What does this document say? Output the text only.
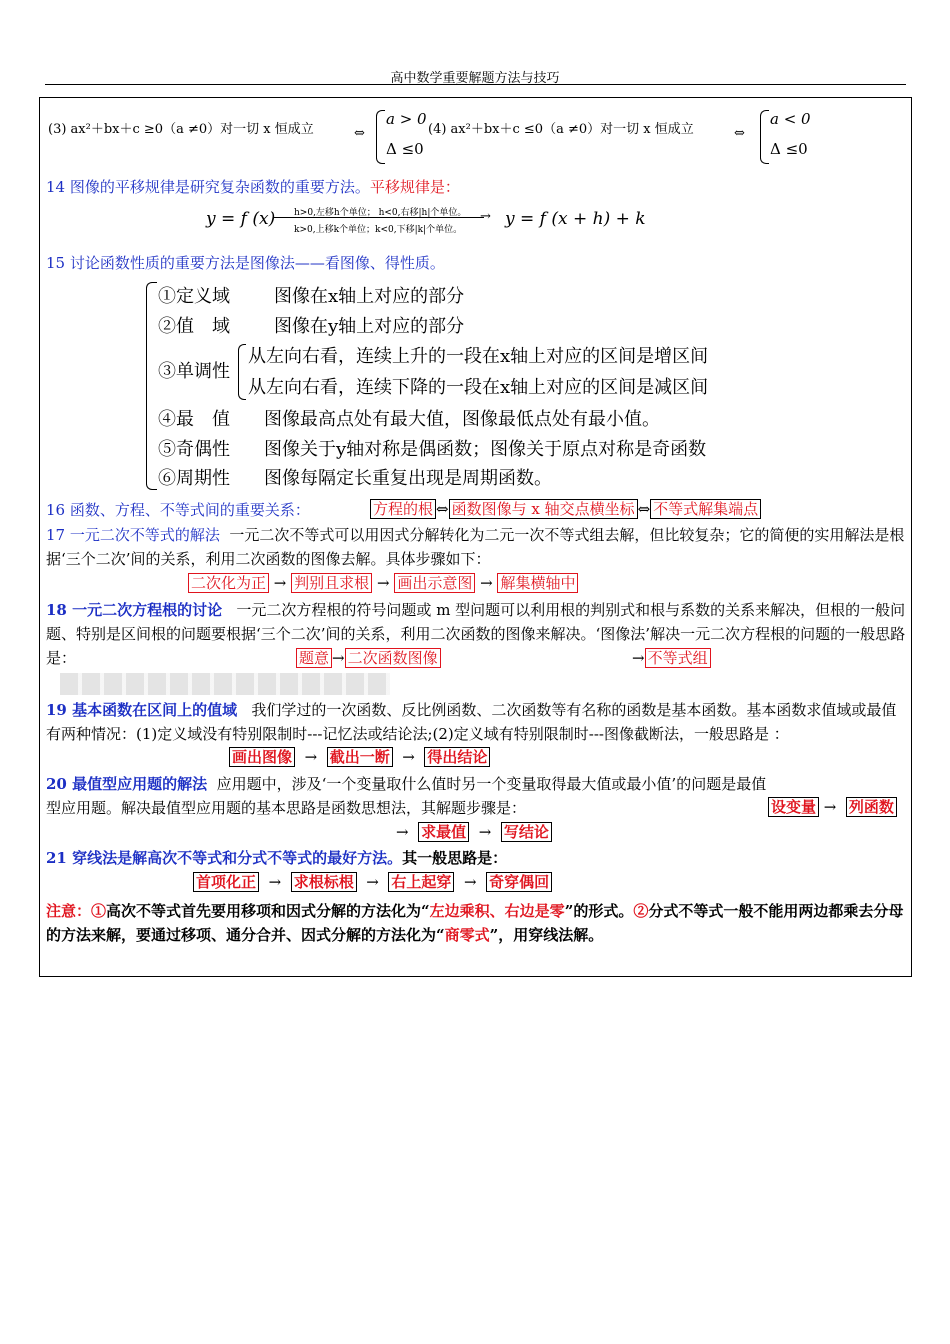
高中数学重要解题方法与技巧
(3) ax²＋bx＋c ≥0（a ≠0）对一切 x 恒成立	⇔
a > 0
Δ ≤0
(4) ax²＋bx＋c ≤0（a ≠0）对一切 x 恒成立	⇔
a < 0
Δ ≤0
14 图像的平移规律是研究复杂函数的重要方法。平移规律是：
y = f (x)	→
h>0,左移h个单位； h<0,右移|h|个单位。
k>0,上移k个单位；k<0,下移|k|个单位。
y = f (x + h) + k
15 讨论函数性质的重要方法是图像法——看图像、得性质。
①定义域 图像在x轴上对应的部分
②值　域 图像在y轴上对应的部分
③单调性
从左向右看，连续上升的一段在x轴上对应的区间是增区间
从左向右看，连续下降的一段在x轴上对应的区间是减区间
④最　值 图像最高点处有最大值，图像最低点处有最小值。
⑤奇偶性 图像关于y轴对称是偶函数；图像关于原点对称是奇函数
⑥周期性 图像每隔定长重复出现是周期函数。
16 函数、方程、不等式间的重要关系：	方程的根 ⇔ 函数图像与 x 轴交点横坐标 ⇔ 不等式解集端点
17 一元二次不等式的解法 一元二次不等式可以用因式分解转化为二元一次不等式组去解，但比较复杂；它的简便的实用解法是根据‘三个二次’间的关系，利用二次函数的图像去解。具体步骤如下：
二次化为正 → 判别且求根 → 画出示意图 → 解集横轴中
18 一元二次方程根的讨论 一元二次方程根的符号问题或 m 型问题可以利用根的判别式和根与系数的关系来解决，但根的一般问题、特别是区间根的问题要根据‘三个二次’间的关系，利用二次函数的图像来解决。‘图像法’解决一元二次方程根的问题的一般思路是：	题意 → 二次函数图像	→ 不等式组
19 基本函数在区间上的值域 我们学过的一次函数、反比例函数、二次函数等有名称的函数是基本函数。基本函数求值域或最值有两种情况：(1)定义域没有特别限制时---记忆法或结论法;(2)定义域有特别限制时---图像截断法，一般思路是 ：
画出图像 → 截出一断 → 得出结论
20 最值型应用题的解法 应用题中，涉及‘一个变量取什么值时另一个变量取得最大值或最小值’的问题是最值型应用题。解决最值型应用题的基本思路是函数思想法，其解题步骤是：	设变量 → 列函数
→ 求最值 → 写结论
21 穿线法是解高次不等式和分式不等式的最好方法。其一般思路是：
首项化正 → 求根标根 → 右上起穿 → 奇穿偶回
注意：①高次不等式首先要用移项和因式分解的方法化为“左边乘积、右边是零”的形式。②分式不等式一般不能用两边都乘去分母的方法来解，要通过移项、通分合并、因式分解的方法化为“商零式”，用穿线法解。
